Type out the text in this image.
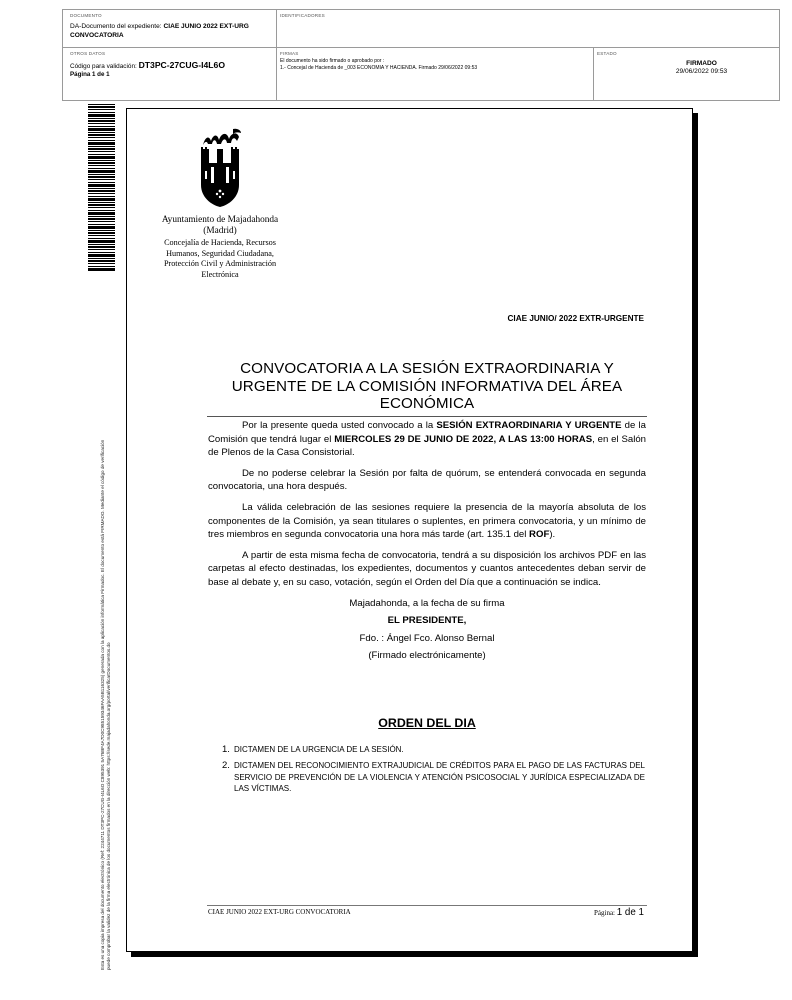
DOCUMENTO
DA-Documento del expediente: CIAE JUNIO 2022 EXT-URG CONVOCATORIA
IDENTIFICADORES
OTROS DATOS
Código para validación: DT3PC-27CUG-I4L6O
Página 1 de 1
FIRMAS
El documento ha sido firmado o aprobado por :
1.- Concejal de Hacienda de _003 ECONOMIA Y HACIENDA. Firmado 29/06/2022 09:53
ESTADO
FIRMADO
29/06/2022 09:53
Esta es una copia impresa del documento electrónico (Ref: 2244711 DT3PC-27CUG-I4L6O C895391 5A76BF4A7D0C985159346FAA5B116325) generada con la aplicación informática Firmadoc. El documento está FIRMADO. Mediante el código de verificación puede comprobar la validez de la firma electrónica de los documentos firmados en la dirección web: https://sede.majadahonda.org/portal/verificarDocumentos.do
Ayuntamiento de Majadahonda
(Madrid)
Concejalía de Hacienda, Recursos Humanos, Seguridad Ciudadana, Protección Civil y Administración Electrónica
CIAE JUNIO/ 2022 EXTR-URGENTE
CONVOCATORIA A LA SESIÓN EXTRAORDINARIA Y URGENTE DE LA COMISIÓN INFORMATIVA DEL ÁREA ECONÓMICA

Por la presente queda usted convocado a la SESIÓN EXTRAORDINARIA Y URGENTE de la Comisión que tendrá lugar el MIERCOLES 29 DE JUNIO DE 2022, A LAS 13:00 HORAS, en el Salón de Plenos de la Casa Consistorial.

De no poderse celebrar la Sesión por falta de quórum, se entenderá convocada en segunda convocatoria, una hora después.

La válida celebración de las sesiones requiere la presencia de la mayoría absoluta de los componentes de la Comisión, ya sean titulares o suplentes, en primera convocatoria, y un mínimo de tres miembros en segunda convocatoria una hora más tarde (art. 135.1 del ROF).

A partir de esta misma fecha de convocatoria, tendrá a su disposición los archivos PDF en las carpetas al efecto destinadas, los expedientes, documentos y cuantos antecedentes deban servir de base al debate y, en su caso, votación, según el Orden del Día que a continuación se indica.

Majadahonda, a la fecha de su firma

EL PRESIDENTE,

Fdo. : Ángel Fco. Alonso Bernal

(Firmado electrónicamente)

ORDEN DEL DIA
1. DICTAMEN DE LA URGENCIA DE LA SESIÓN.
2. DICTAMEN DEL RECONOCIMIENTO EXTRAJUDICIAL DE CRÉDITOS PARA EL PAGO DE LAS FACTURAS DEL SERVICIO DE PREVENCIÓN DE LA VIOLENCIA Y ATENCIÓN PSICOSOCIAL Y JURÍDICA ESPECIALIZADA DE LAS VÍCTIMAS.
CIAE JUNIO 2022 EXT-URG CONVOCATORIA	Página: 1 de 1
